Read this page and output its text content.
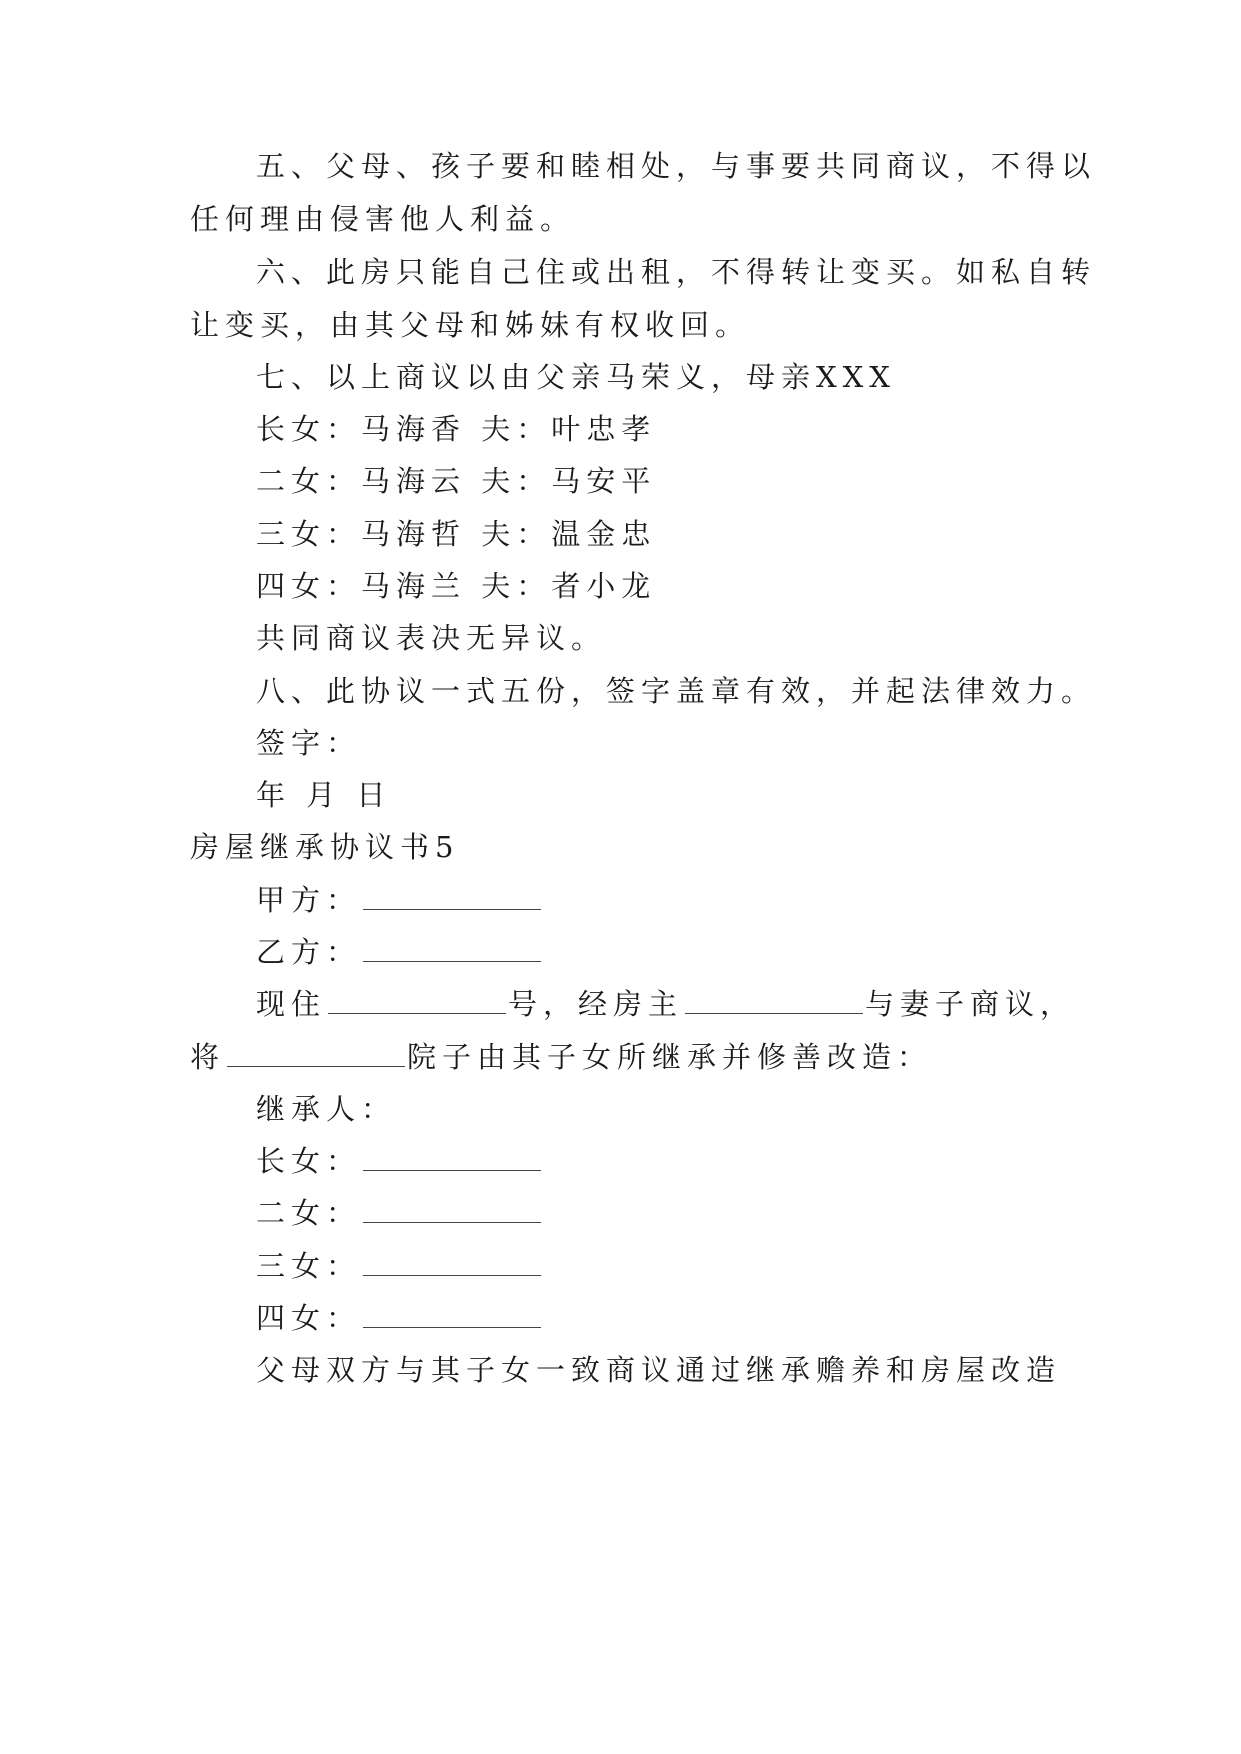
五、父母、孩子要和睦相处，与事要共同商议，不得以
任何理由侵害他人利益。
六、此房只能自己住或出租，不得转让变买。如私自转
让变买，由其父母和姊妹有权收回。
七、以上商议以由父亲马荣义，母亲XXX
长女：马海香 夫：叶忠孝
二女：马海云 夫：马安平
三女：马海哲 夫：温金忠
四女：马海兰 夫：者小龙
共同商议表决无异议。
八、此协议一式五份，签字盖章有效，并起法律效力。
签字：
年 月 日
房屋继承协议书5
甲方：
乙方：
现住	号，经房主	与妻子商议，
将	院子由其子女所继承并修善改造：
继承人：
长女：
二女：
三女：
四女：
父母双方与其子女一致商议通过继承赡养和房屋改造
